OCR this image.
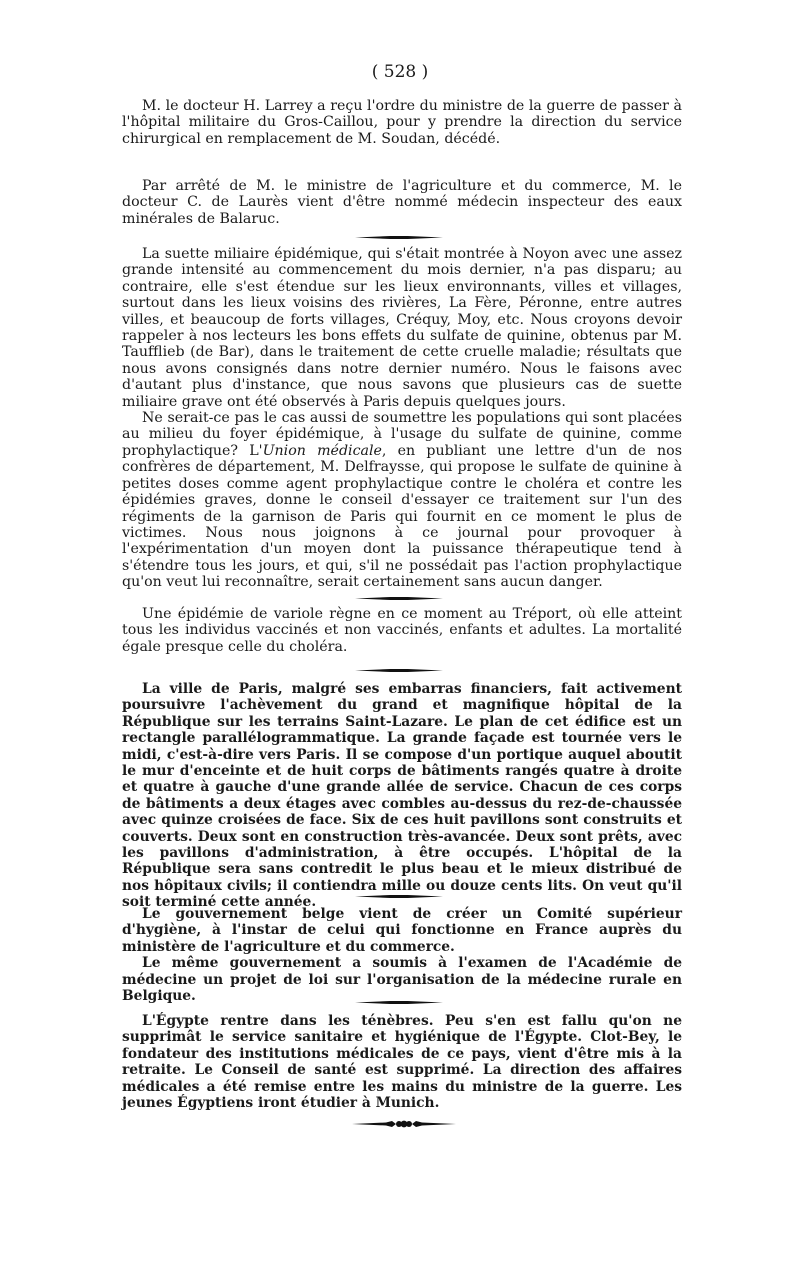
( 528 )

M. le docteur H. Larrey a reçu l'ordre du ministre de la guerre de passer à l'hôpital militaire du Gros-Caillou, pour y prendre la direction du service chirurgical en remplacement de M. Soudan, décédé.

Par arrêté de M. le ministre de l'agriculture et du commerce, M. le docteur C. de Laurès vient d'être nommé médecin inspecteur des eaux minérales de Balaruc.

La suette miliaire épidémique, qui s'était montrée à Noyon avec une assez grande intensité au commencement du mois dernier, n'a pas disparu; au contraire, elle s'est étendue sur les lieux environnants, villes et villages, surtout dans les lieux voisins des rivières, La Fère, Péronne, entre autres villes, et beaucoup de forts villages, Créquy, Moy, etc. Nous croyons devoir rappeler à nos lecteurs les bons effets du sulfate de quinine, obtenus par M. Taufflieb (de Bar), dans le traitement de cette cruelle maladie; résultats que nous avons consignés dans notre dernier numéro. Nous le faisons avec d'autant plus d'instance, que nous savons que plusieurs cas de suette miliaire grave ont été observés à Paris depuis quelques jours.

Ne serait-ce pas le cas aussi de soumettre les populations qui sont placées au milieu du foyer épidémique, à l'usage du sulfate de quinine, comme prophylactique? L'Union médicale, en publiant une lettre d'un de nos confrères de département, M. Delfraysse, qui propose le sulfate de quinine à petites doses comme agent prophylactique contre le choléra et contre les épidémies graves, donne le conseil d'essayer ce traitement sur l'un des régiments de la garnison de Paris qui fournit en ce moment le plus de victimes. Nous nous joignons à ce journal pour provoquer à l'expérimentation d'un moyen dont la puissance thérapeutique tend à s'étendre tous les jours, et qui, s'il ne possédait pas l'action prophylactique qu'on veut lui reconnaître, serait certainement sans aucun danger.

Une épidémie de variole règne en ce moment au Tréport, où elle atteint tous les individus vaccinés et non vaccinés, enfants et adultes. La mortalité égale presque celle du choléra.

La ville de Paris, malgré ses embarras financiers, fait activement poursuivre l'achèvement du grand et magnifique hôpital de la République sur les terrains Saint-Lazare. Le plan de cet édifice est un rectangle parallélogrammatique. La grande façade est tournée vers le midi, c'est-à-dire vers Paris. Il se compose d'un portique auquel aboutit le mur d'enceinte et de huit corps de bâtiments rangés quatre à droite et quatre à gauche d'une grande allée de service. Chacun de ces corps de bâtiments a deux étages avec combles au-dessus du rez-de-chaussée avec quinze croisées de face. Six de ces huit pavillons sont construits et couverts. Deux sont en construction très-avancée. Deux sont prêts, avec les pavillons d'administration, à être occupés. L'hôpital de la République sera sans contredit le plus beau et le mieux distribué de nos hôpitaux civils; il contiendra mille ou douze cents lits. On veut qu'il soit terminé cette année.

Le gouvernement belge vient de créer un Comité supérieur d'hygiène, à l'instar de celui qui fonctionne en France auprès du ministère de l'agriculture et du commerce.

Le même gouvernement a soumis à l'examen de l'Académie de médecine un projet de loi sur l'organisation de la médecine rurale en Belgique.

L'Égypte rentre dans les ténèbres. Peu s'en est fallu qu'on ne supprimât le service sanitaire et hygiénique de l'Égypte. Clot-Bey, le fondateur des institutions médicales de ce pays, vient d'être mis à la retraite. Le Conseil de santé est supprimé. La direction des affaires médicales a été remise entre les mains du ministre de la guerre. Les jeunes Égyptiens iront étudier à Munich.
